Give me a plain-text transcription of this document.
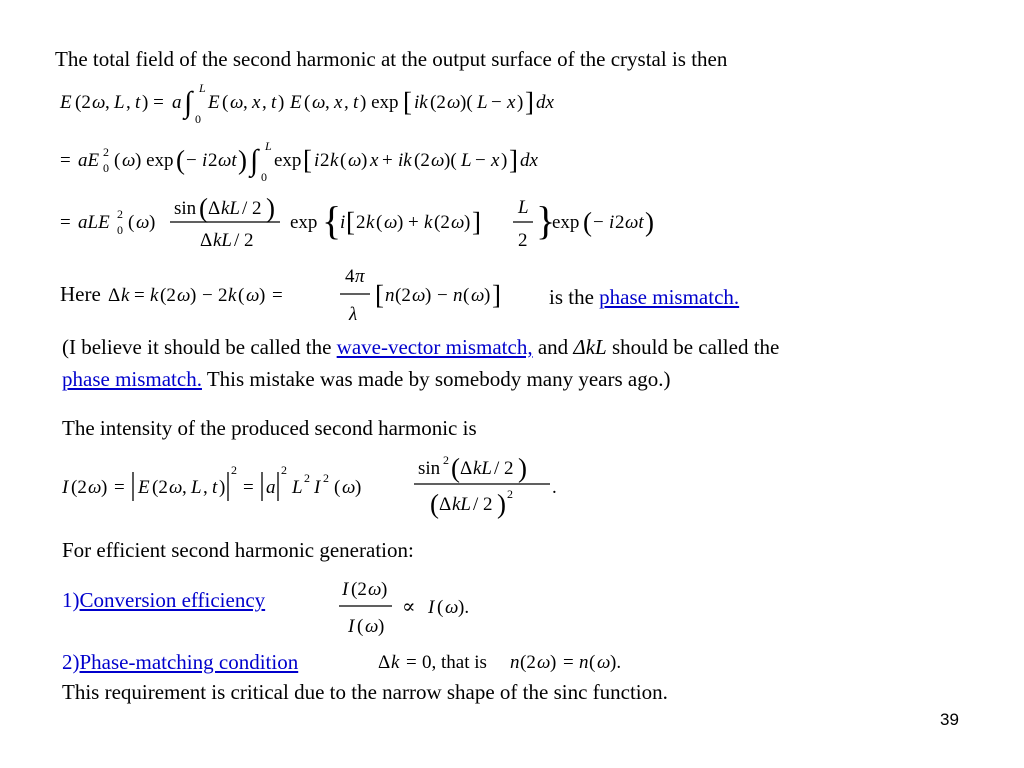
The total field of the second harmonic at the output surface of the crystal is then
E (2 ω , L , t ) = a ∫ L
0
E ( ω , x , t ) E ( ω , x , t ) exp [ ik (2 ω )( L − x ) ] dx
= aE 2
0 ( ω ) exp ( − i 2 ωt ) ∫ L
0
exp [ i 2 k ( ω ) x + ik (2 ω )( L − x ) ] dx
= aLE 2
0 ( ω )
sin ( Δ kL / 2 )
Δ kL / 2
exp {
i [ 2 k ( ω ) + k (2 ω ) ] L
2 }
exp ( − i 2 ωt )
Here Δ k = k (2 ω ) − 2 k ( ω ) =
4 π
λ
[ n (2 ω ) − n ( ω ) ] is the phase mismatch.
(I believe it should be called the wave-vector mismatch, and ΔkL should be called the
phase mismatch. This mistake was made by somebody many years ago.)
The intensity of the produced second harmonic is
I (2 ω ) = E (2 ω , L , t )
2
= a
2
L 2 I 2 ( ω )
sin 2 ( Δ kL / 2 )
( Δ kL / 2 ) 2 .
For efficient second harmonic generation:
1)Conversion efficiency	I (2 ω )
I ( ω )
∝ I ( ω ).
2)Phase-matching condition	Δ k = 0, that is n (2 ω ) = n ( ω ).
This requirement is critical due to the narrow shape of the sinc function.
39
